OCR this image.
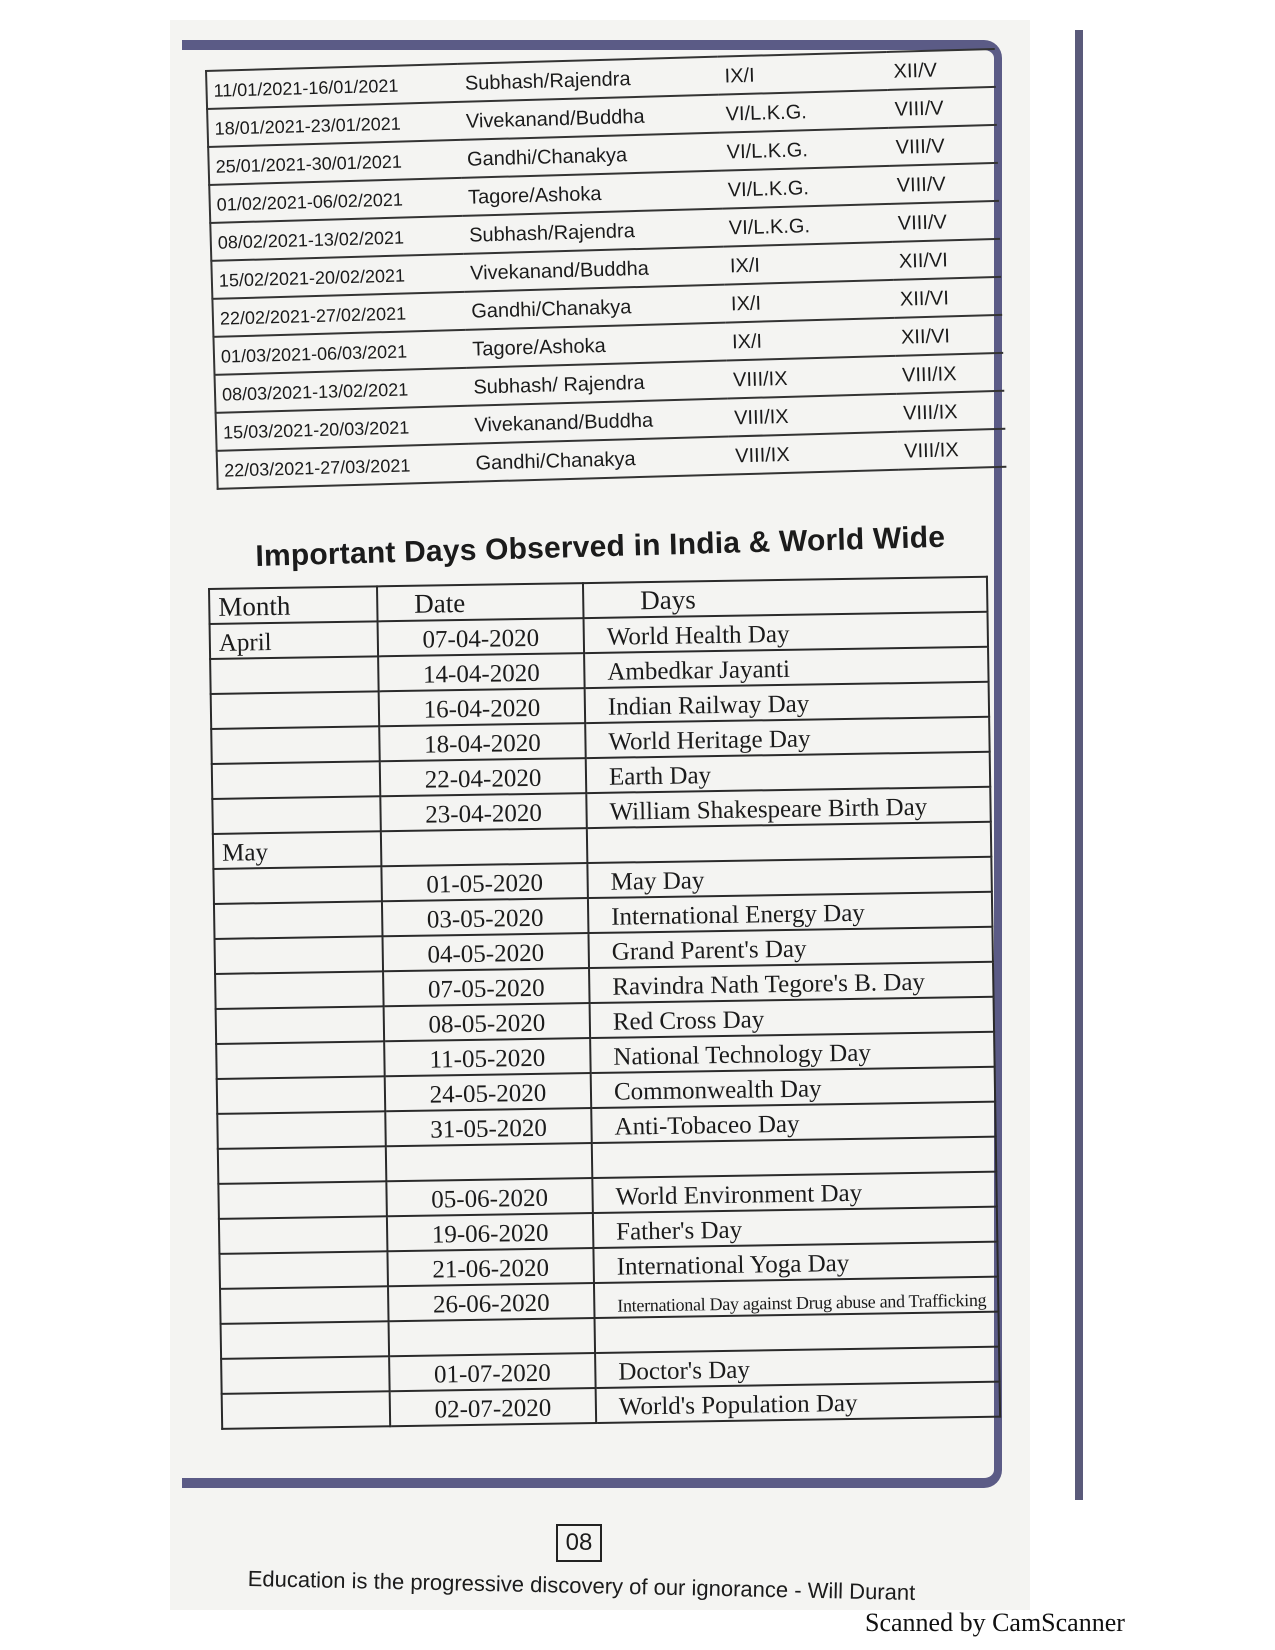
11/01/2021-16/01/2021	Subhash/Rajendra	IX/I	XII/V
18/01/2021-23/01/2021	Vivekanand/Buddha	VI/L.K.G.	VIII/V
25/01/2021-30/01/2021	Gandhi/Chanakya	VI/L.K.G.	VIII/V
01/02/2021-06/02/2021	Tagore/Ashoka	VI/L.K.G.	VIII/V
08/02/2021-13/02/2021	Subhash/Rajendra	VI/L.K.G.	VIII/V
15/02/2021-20/02/2021	Vivekanand/Buddha	IX/I	XII/VI
22/02/2021-27/02/2021	Gandhi/Chanakya	IX/I	XII/VI
01/03/2021-06/03/2021	Tagore/Ashoka	IX/I	XII/VI
08/03/2021-13/02/2021	Subhash/ Rajendra	VIII/IX	VIII/IX
15/03/2021-20/03/2021	Vivekanand/Buddha	VIII/IX	VIII/IX
22/03/2021-27/03/2021	Gandhi/Chanakya	VIII/IX	VIII/IX
Important Days Observed in India & World Wide
Month	Date	Days
April	07-04-2020	World Health Day
	14-04-2020	Ambedkar Jayanti
	16-04-2020	Indian Railway Day
	18-04-2020	World Heritage Day
	22-04-2020	Earth Day
	23-04-2020	William Shakespeare Birth Day
May		
	01-05-2020	May Day
	03-05-2020	International Energy Day
	04-05-2020	Grand Parent's Day
	07-05-2020	Ravindra Nath Tegore's B. Day
	08-05-2020	Red Cross Day
	11-05-2020	National Technology Day
	24-05-2020	Commonwealth Day
	31-05-2020	Anti-Tobaceo Day

	05-06-2020	World Environment Day
	19-06-2020	Father's Day
	21-06-2020	International Yoga Day
	26-06-2020	International Day against Drug abuse and Trafficking

	01-07-2020	Doctor's Day
	02-07-2020	World's Population Day
08
Education is the progressive discovery of our ignorance - Will Durant
Scanned by CamScanner
